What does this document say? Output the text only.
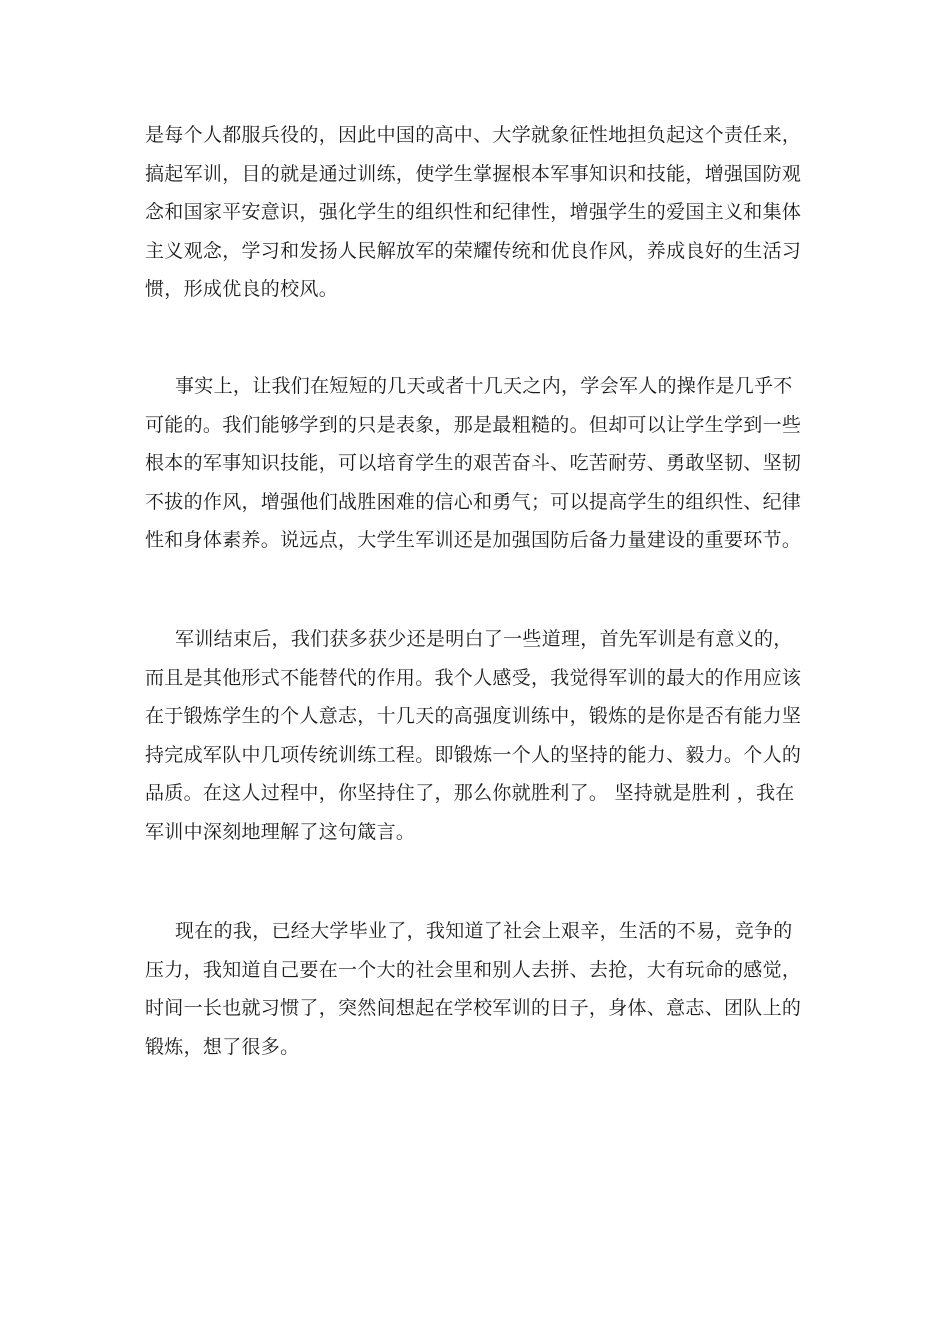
是每个人都服兵役的，因此中国的高中、大学就象征性地担负起这个责任来，搞起军训，目的就是通过训练，使学生掌握根本军事知识和技能，增强国防观念和国家平安意识，强化学生的组织性和纪律性，增强学生的爱国主义和集体主义观念，学习和发扬人民解放军的荣耀传统和优良作风，养成良好的生活习惯，形成优良的校风。

事实上，让我们在短短的几天或者十几天之内，学会军人的操作是几乎不可能的。我们能够学到的只是表象，那是最粗糙的。但却可以让学生学到一些根本的军事知识技能，可以培育学生的艰苦奋斗、吃苦耐劳、勇敢坚韧、坚韧不拔的作风，增强他们战胜困难的信心和勇气；可以提高学生的组织性、纪律性和身体素养。说远点，大学生军训还是加强国防后备力量建设的重要环节。

军训结束后，我们获多获少还是明白了一些道理，首先军训是有意义的，而且是其他形式不能替代的作用。我个人感受，我觉得军训的最大的作用应该在于锻炼学生的个人意志，十几天的高强度训练中，锻炼的是你是否有能力坚持完成军队中几项传统训练工程。即锻炼一个人的坚持的能力、毅力。个人的品质。在这人过程中，你坚持住了，那么你就胜利了。 坚持就是胜利 ，我在军训中深刻地理解了这句箴言。

现在的我，已经大学毕业了，我知道了社会上艰辛，生活的不易，竞争的压力，我知道自己要在一个大的社会里和别人去拼、去抢，大有玩命的感觉，时间一长也就习惯了，突然间想起在学校军训的日子，身体、意志、团队上的锻炼，想了很多。
